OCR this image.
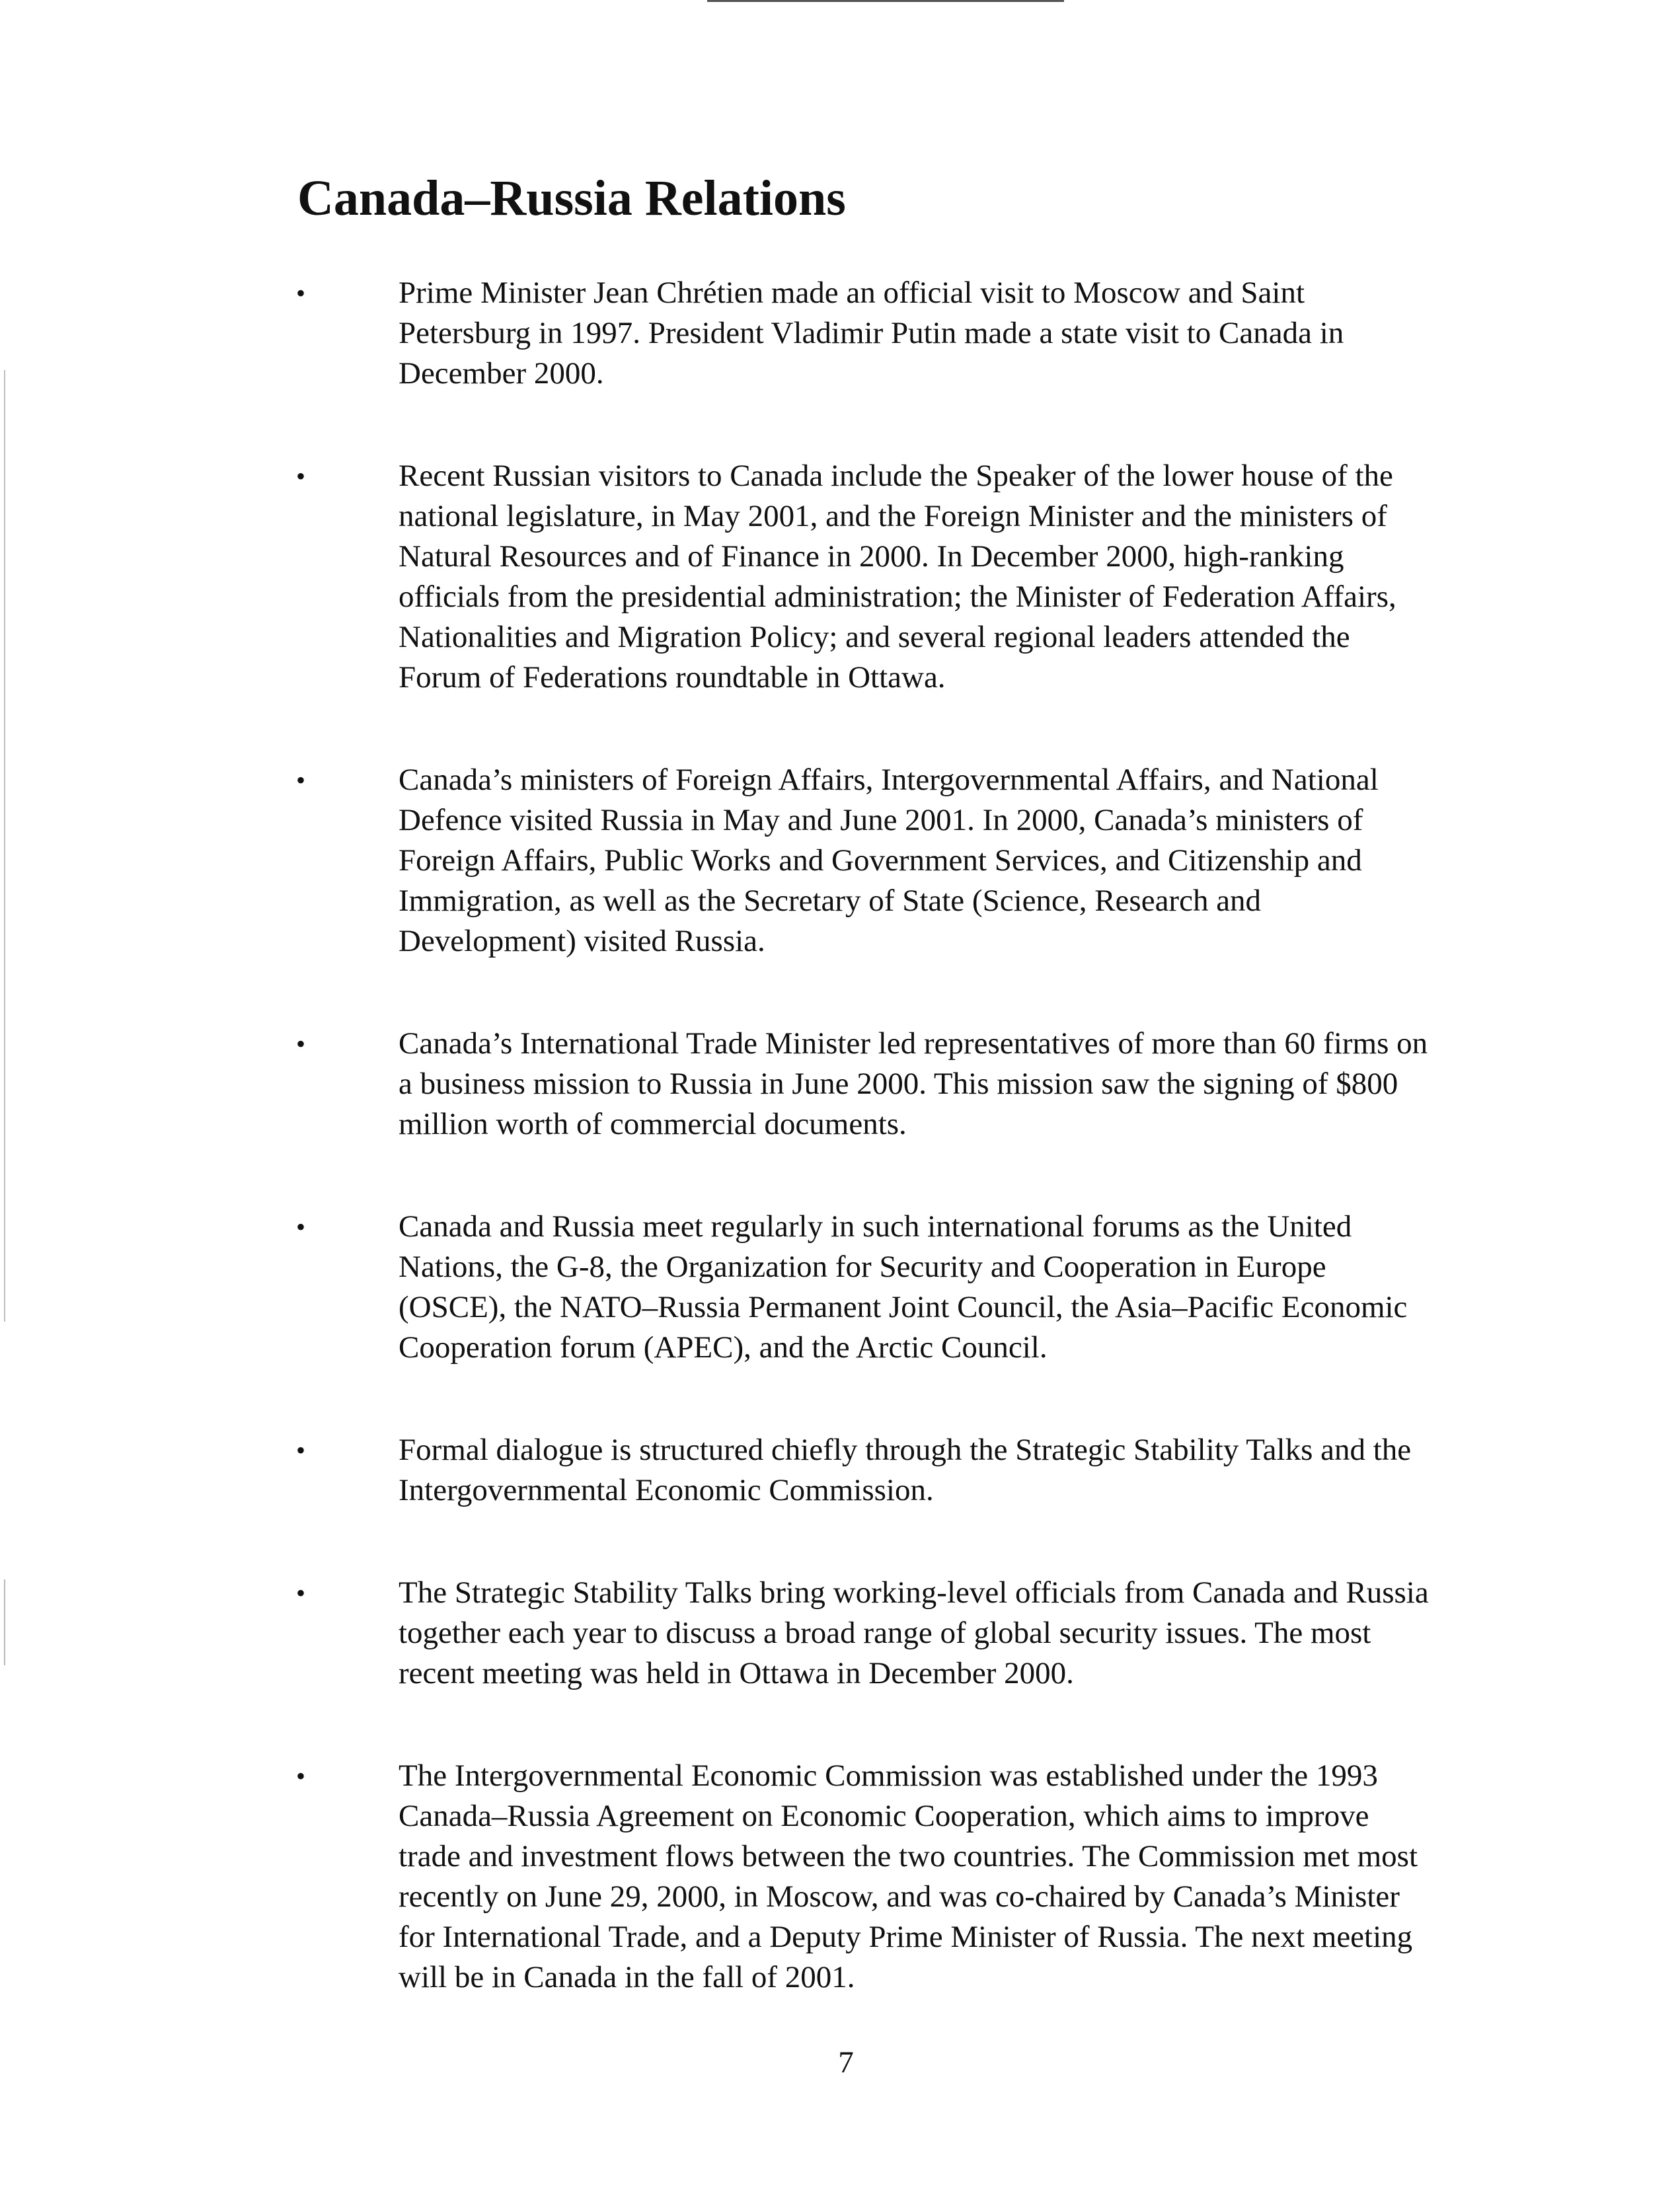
Canada–Russia Relations
•	Prime Minister Jean Chrétien made an official visit to Moscow and Saint Petersburg in 1997. President Vladimir Putin made a state visit to Canada in December 2000.
•	Recent Russian visitors to Canada include the Speaker of the lower house of the national legislature, in May 2001, and the Foreign Minister and the ministers of Natural Resources and of Finance in 2000. In December 2000, high-ranking officials from the presidential administration; the Minister of Federation Affairs, Nationalities and Migration Policy; and several regional leaders attended the Forum of Federations roundtable in Ottawa.
•	Canada’s ministers of Foreign Affairs, Intergovernmental Affairs, and National Defence visited Russia in May and June 2001. In 2000, Canada’s ministers of Foreign Affairs, Public Works and Government Services, and Citizenship and Immigration, as well as the Secretary of State (Science, Research and Development) visited Russia.
•	Canada’s International Trade Minister led representatives of more than 60 firms on a business mission to Russia in June 2000. This mission saw the signing of $800 million worth of commercial documents.
•	Canada and Russia meet regularly in such international forums as the United Nations, the G-8, the Organization for Security and Cooperation in Europe (OSCE), the NATO–Russia Permanent Joint Council, the Asia–Pacific Economic Cooperation forum (APEC), and the Arctic Council.
•	Formal dialogue is structured chiefly through the Strategic Stability Talks and the Intergovernmental Economic Commission.
•	The Strategic Stability Talks bring working-level officials from Canada and Russia together each year to discuss a broad range of global security issues. The most recent meeting was held in Ottawa in December 2000.
•	The Intergovernmental Economic Commission was established under the 1993 Canada–Russia Agreement on Economic Cooperation, which aims to improve trade and investment flows between the two countries. The Commission met most recently on June 29, 2000, in Moscow, and was co-chaired by Canada’s Minister for International Trade, and a Deputy Prime Minister of Russia. The next meeting will be in Canada in the fall of 2001.
7
